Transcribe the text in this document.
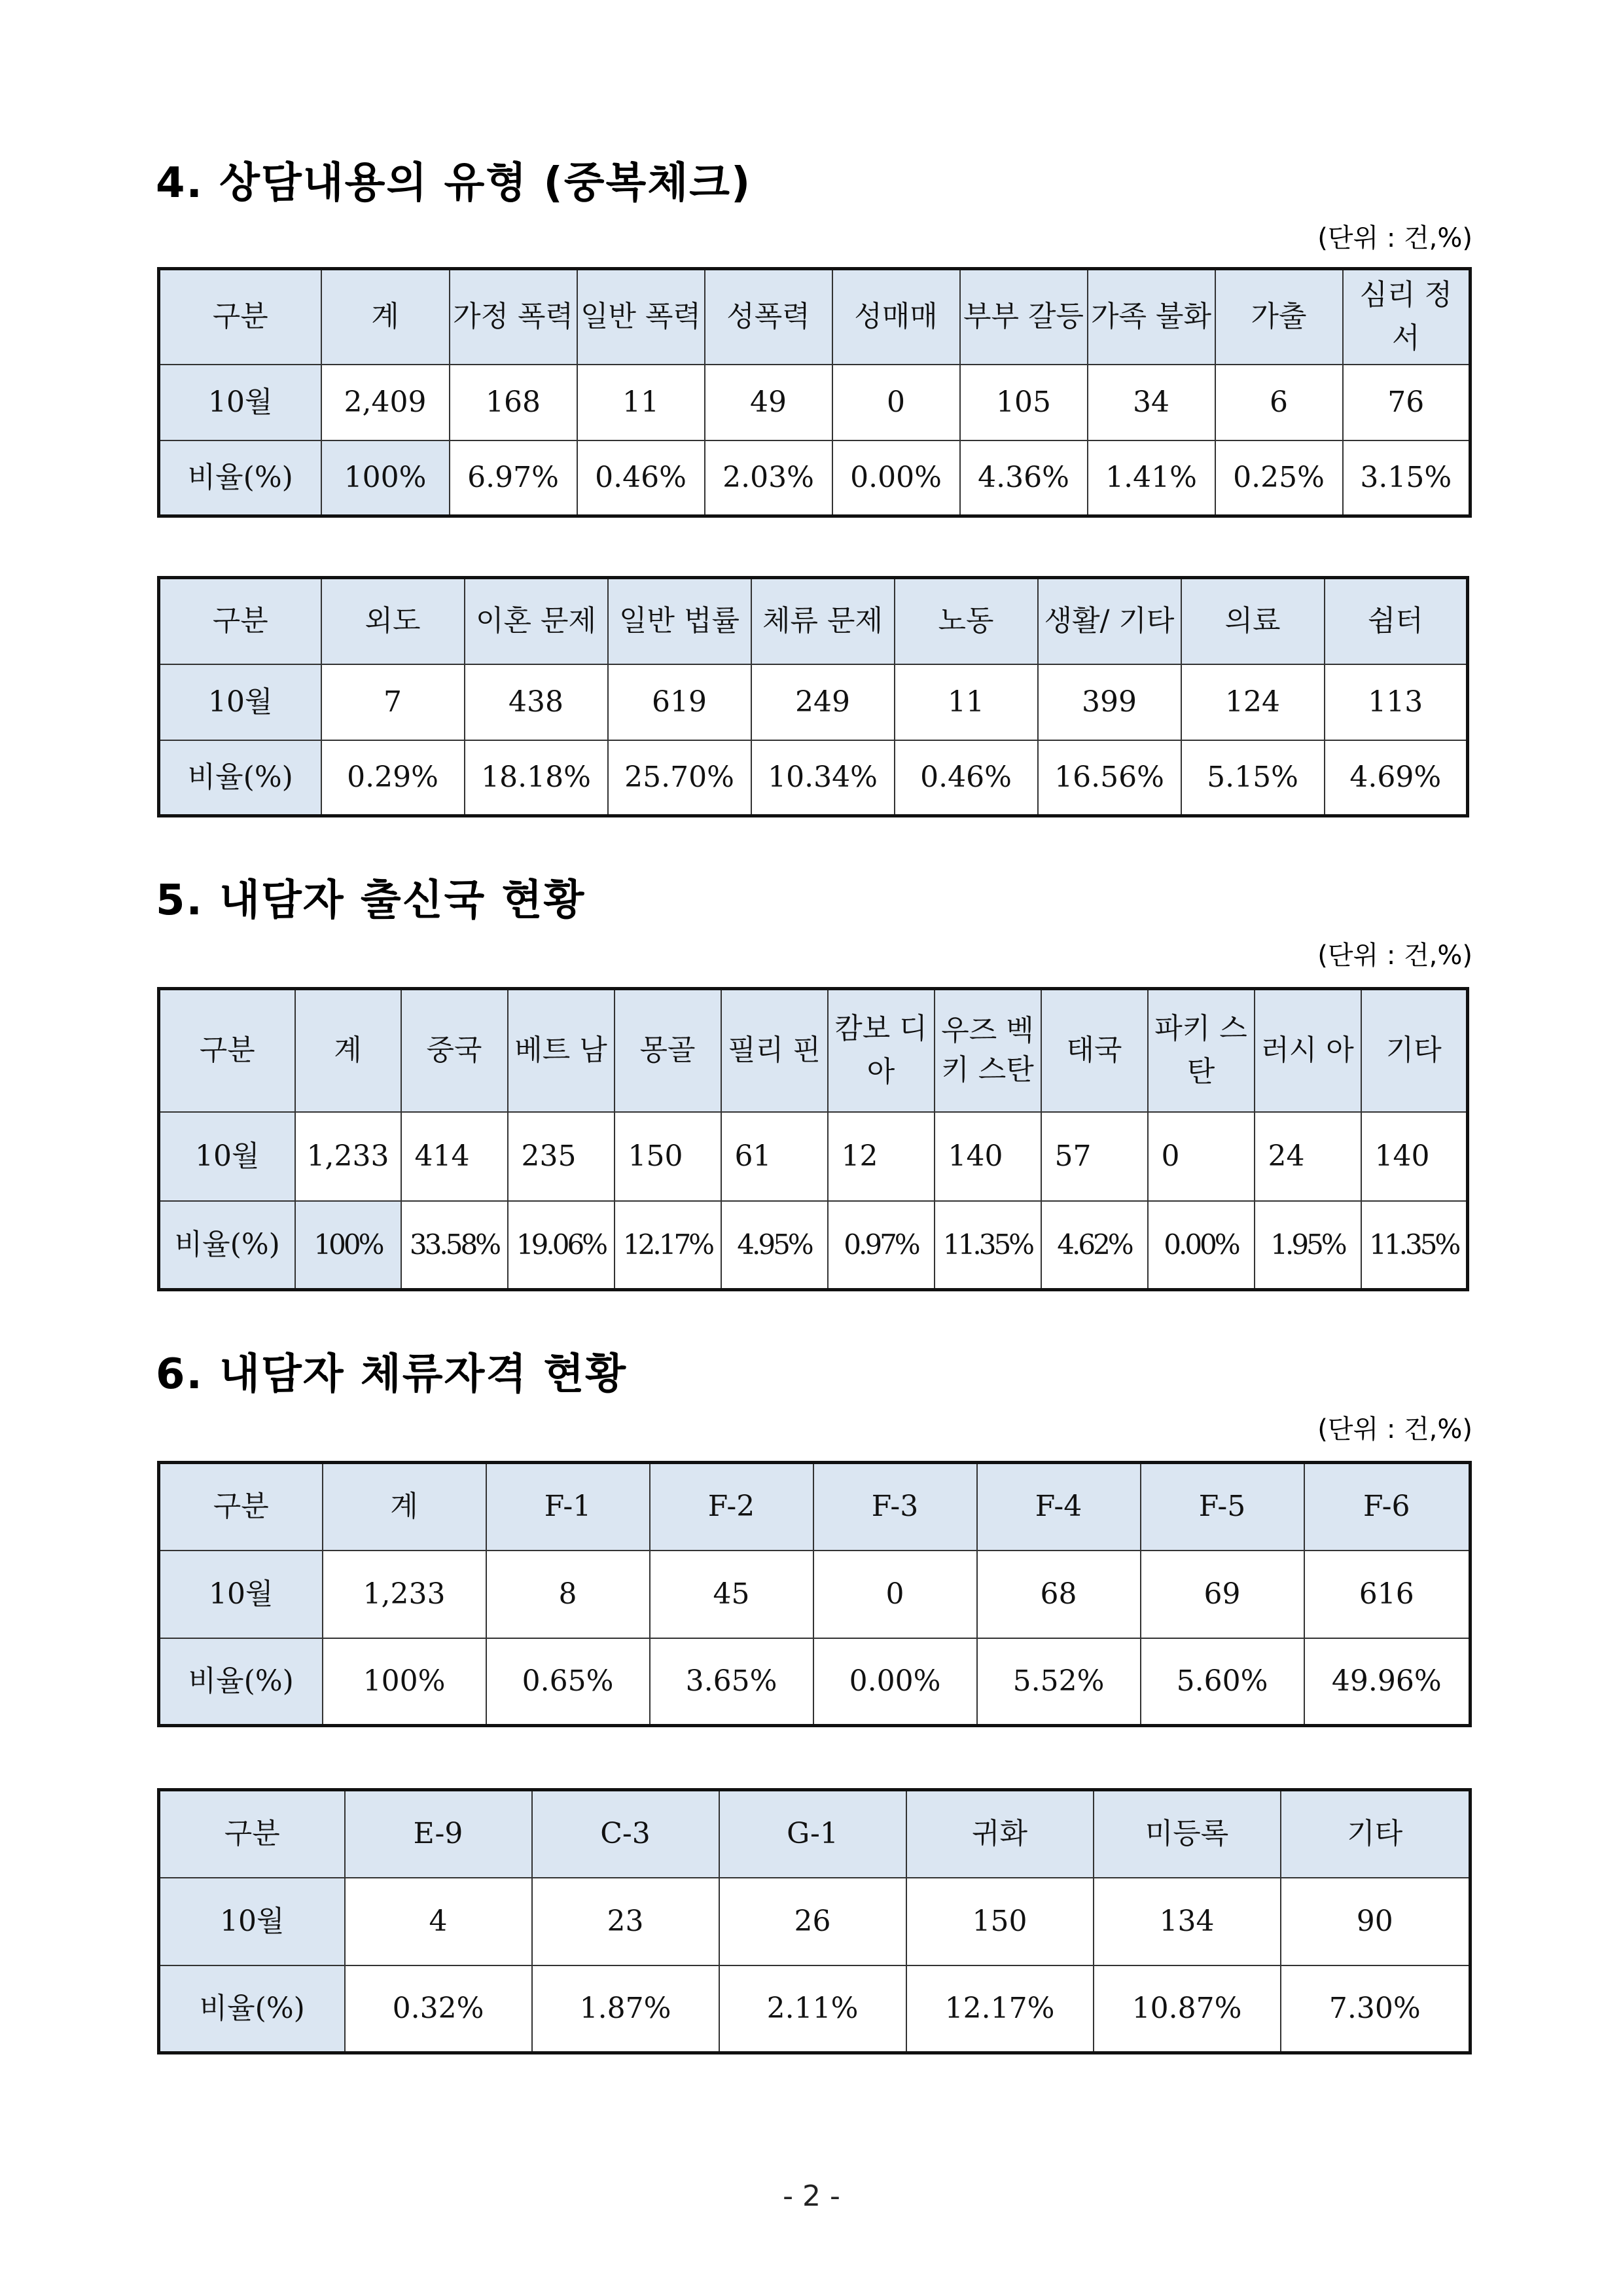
4. 상담내용의 유형 (중복체크)
(단위 : 건,%)
구분	계	가정 폭력	일반 폭력	성폭력	성매매	부부 갈등	가족 불화	가출	심리 정서
10월	2,409	168	11	49	0	105	34	6	76
비율(%)	100%	6.97%	0.46%	2.03%	0.00%	4.36%	1.41%	0.25%	3.15%
구분	외도	이혼 문제	일반 법률	체류 문제	노동	생활/ 기타	의료	쉼터
10월	7	438	619	249	11	399	124	113
비율(%)	0.29%	18.18%	25.70%	10.34%	0.46%	16.56%	5.15%	4.69%
5. 내담자 출신국 현황
(단위 : 건,%)
구분	계	중국	베트 남	몽골	필리 핀	캄보 디아	우즈 벡키 스탄	태국	파키 스탄	러시 아	기타
10월	1,233	414	235	150	61	12	140	57	0	24	140
비율(%)	100%	33.58%	19.06%	12.17%	4.95%	0.97%	11.35%	4.62%	0.00%	1.95%	11.35%
6. 내담자 체류자격 현황
(단위 : 건,%)
구분	계	F-1	F-2	F-3	F-4	F-5	F-6
10월	1,233	8	45	0	68	69	616
비율(%)	100%	0.65%	3.65%	0.00%	5.52%	5.60%	49.96%
구분	E-9	C-3	G-1	귀화	미등록	기타
10월	4	23	26	150	134	90
비율(%)	0.32%	1.87%	2.11%	12.17%	10.87%	7.30%
- 2 -
